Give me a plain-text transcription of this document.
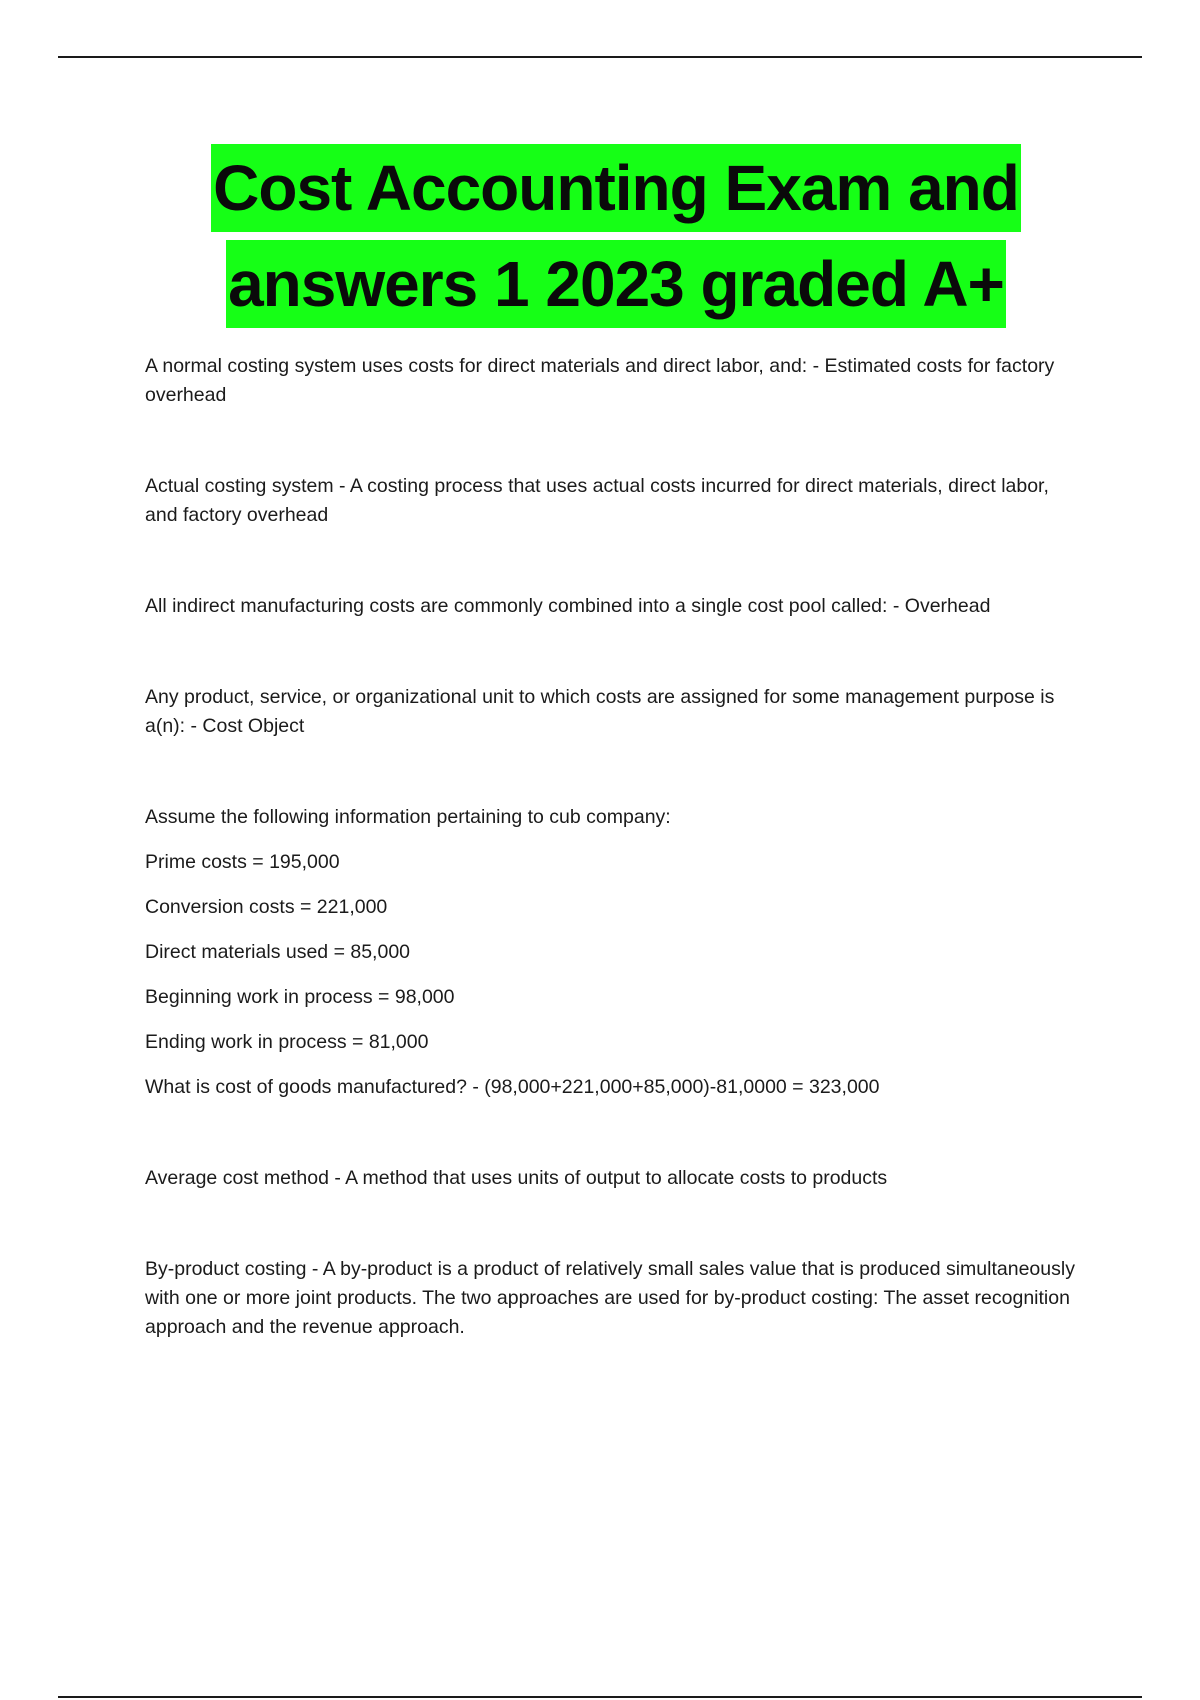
Cost Accounting Exam and
answers 1 2023 graded A+

A normal costing system uses costs for direct materials and direct labor, and: - Estimated costs for factory overhead

Actual costing system - A costing process that uses actual costs incurred for direct materials, direct labor, and factory overhead

All indirect manufacturing costs are commonly combined into a single cost pool called: - Overhead

Any product, service, or organizational unit to which costs are assigned for some management purpose is a(n): - Cost Object

Assume the following information pertaining to cub company:

Prime costs = 195,000

Conversion costs = 221,000

Direct materials used = 85,000

Beginning work in process = 98,000

Ending work in process = 81,000

What is cost of goods manufactured? - (98,000+221,000+85,000)-81,0000 = 323,000

Average cost method - A method that uses units of output to allocate costs to products

By-product costing - A by-product is a product of relatively small sales value that is produced simultaneously with one or more joint products. The two approaches are used for by-product costing: The asset recognition approach and the revenue approach.
